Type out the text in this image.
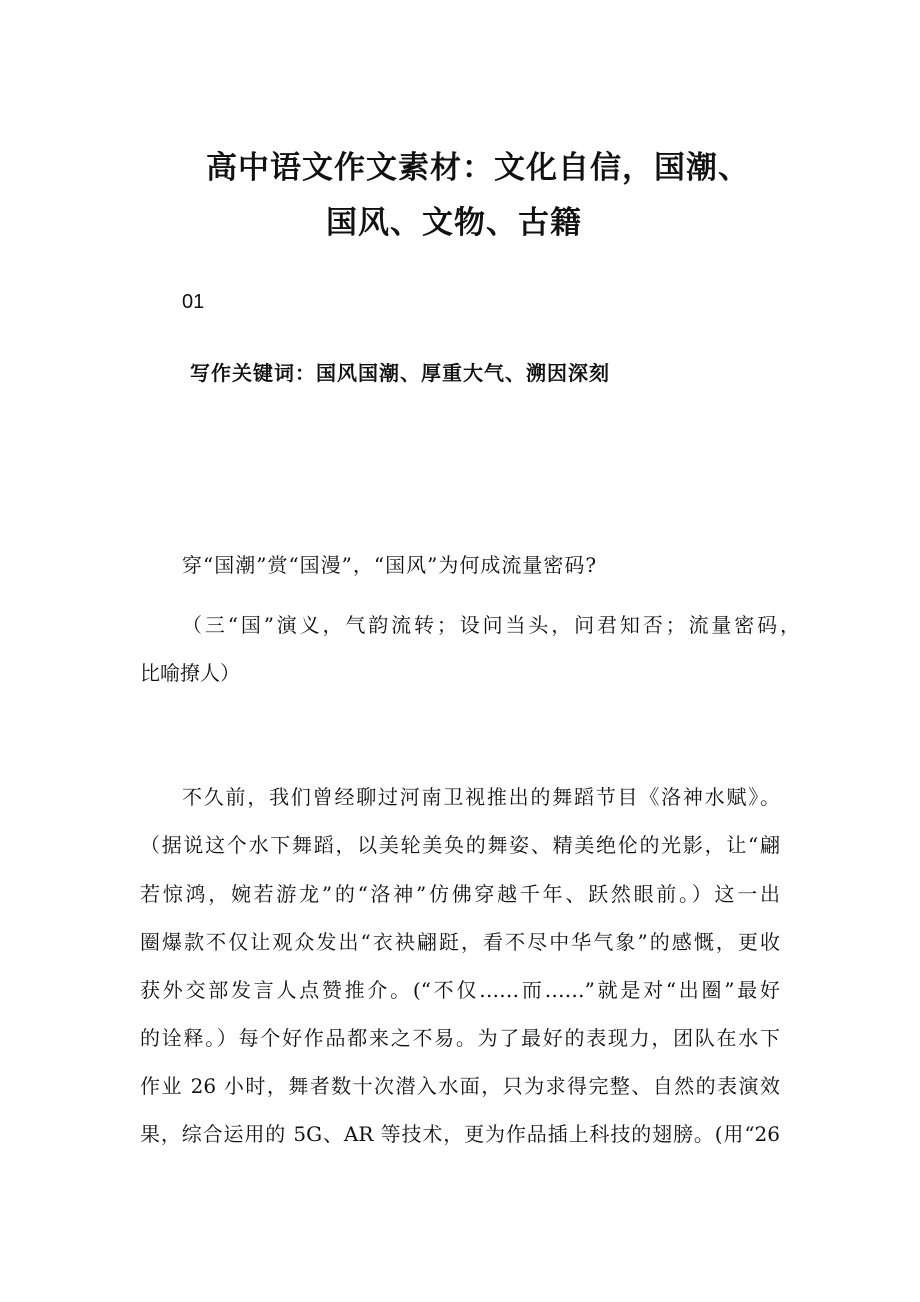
高中语文作文素材：文化自信，国潮、
国风、文物、古籍
01
写作关键词：国风国潮、厚重大气、溯因深刻
穿“国潮”赏“国漫”，“国风”为何成流量密码?
（三“国”演义，气韵流转；设问当头，问君知否；流量密码，
比喻撩人）
不久前，我们曾经聊过河南卫视推出的舞蹈节目《洛神水赋》。
（据说这个水下舞蹈，以美轮美奂的舞姿、精美绝伦的光影，让“翩
若惊鸿，婉若游龙”的“洛神”仿佛穿越千年、跃然眼前。）这一出
圈爆款不仅让观众发出“衣袂翩跹，看不尽中华气象”的感慨，更收
获外交部发言人点赞推介。(“不仅……而……”就是对“出圈”最好
的诠释。）每个好作品都来之不易。为了最好的表现力，团队在水下
作业 26 小时，舞者数十次潜入水面，只为求得完整、自然的表演效
果，综合运用的 5G、AR 等技术，更为作品插上科技的翅膀。(用“26
